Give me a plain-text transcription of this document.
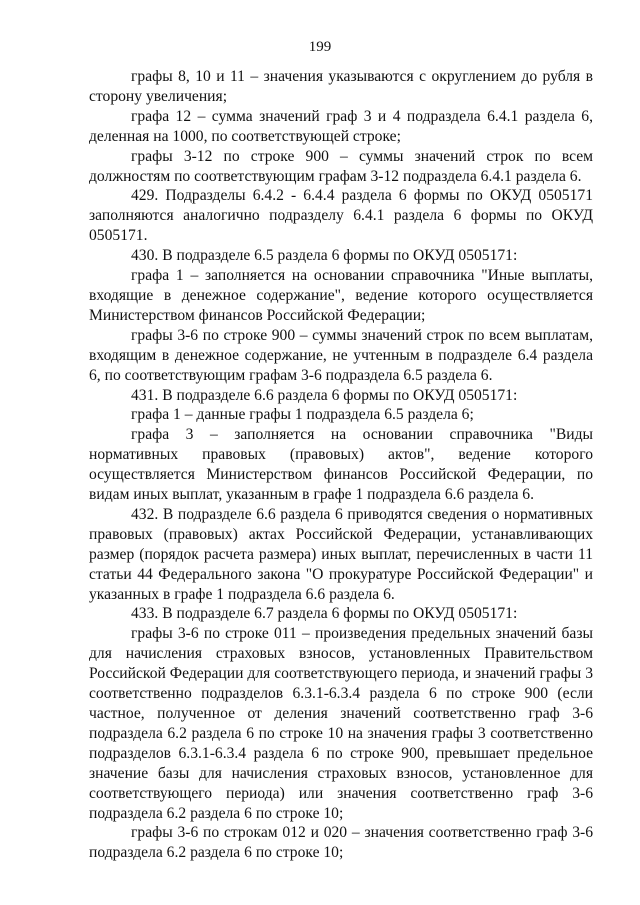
199

графы 8, 10 и 11 – значения указываются с округлением до рубля в сторону увеличения;

графа 12 – сумма значений граф 3 и 4 подраздела 6.4.1 раздела 6, деленная на 1000, по соответствующей строке;

графы 3-12 по строке 900 – суммы значений строк по всем должностям по соответствующим графам 3-12 подраздела 6.4.1 раздела 6.

429. Подразделы 6.4.2 - 6.4.4 раздела 6 формы по ОКУД 0505171 заполняются аналогично подразделу 6.4.1 раздела 6 формы по ОКУД 0505171.

430. В подразделе 6.5 раздела 6 формы по ОКУД 0505171:

графа 1 – заполняется на основании справочника "Иные выплаты, входящие в денежное содержание", ведение которого осуществляется Министерством финансов Российской Федерации;

графы 3-6 по строке 900 – суммы значений строк по всем выплатам, входящим в денежное содержание, не учтенным в подразделе 6.4 раздела 6, по соответствующим графам 3-6 подраздела 6.5 раздела 6.

431. В подразделе 6.6 раздела 6 формы по ОКУД 0505171:

графа 1 – данные графы 1 подраздела 6.5 раздела 6;

графа 3 – заполняется на основании справочника "Виды нормативных правовых (правовых) актов", ведение которого осуществляется Министерством финансов Российской Федерации, по видам иных выплат, указанным в графе 1 подраздела 6.6 раздела 6.

432. В подразделе 6.6 раздела 6 приводятся сведения о нормативных правовых (правовых) актах Российской Федерации, устанавливающих размер (порядок расчета размера) иных выплат, перечисленных в части 11 статьи 44 Федерального закона "О прокуратуре Российской Федерации" и указанных в графе 1 подраздела 6.6 раздела 6.

433. В подразделе 6.7 раздела 6 формы по ОКУД 0505171:

графы 3-6 по строке 011 – произведения предельных значений базы для начисления страховых взносов, установленных Правительством Российской Федерации для соответствующего периода, и значений графы 3 соответственно подразделов 6.3.1-6.3.4 раздела 6 по строке 900 (если частное, полученное от деления значений соответственно граф 3-6 подраздела 6.2 раздела 6 по строке 10 на значения графы 3 соответственно подразделов 6.3.1-6.3.4 раздела 6 по строке 900, превышает предельное значение базы для начисления страховых взносов, установленное для соответствующего периода) или значения соответственно граф 3-6 подраздела 6.2 раздела 6 по строке 10;

графы 3-6 по строкам 012 и 020 – значения соответственно граф 3-6 подраздела 6.2 раздела 6 по строке 10;
